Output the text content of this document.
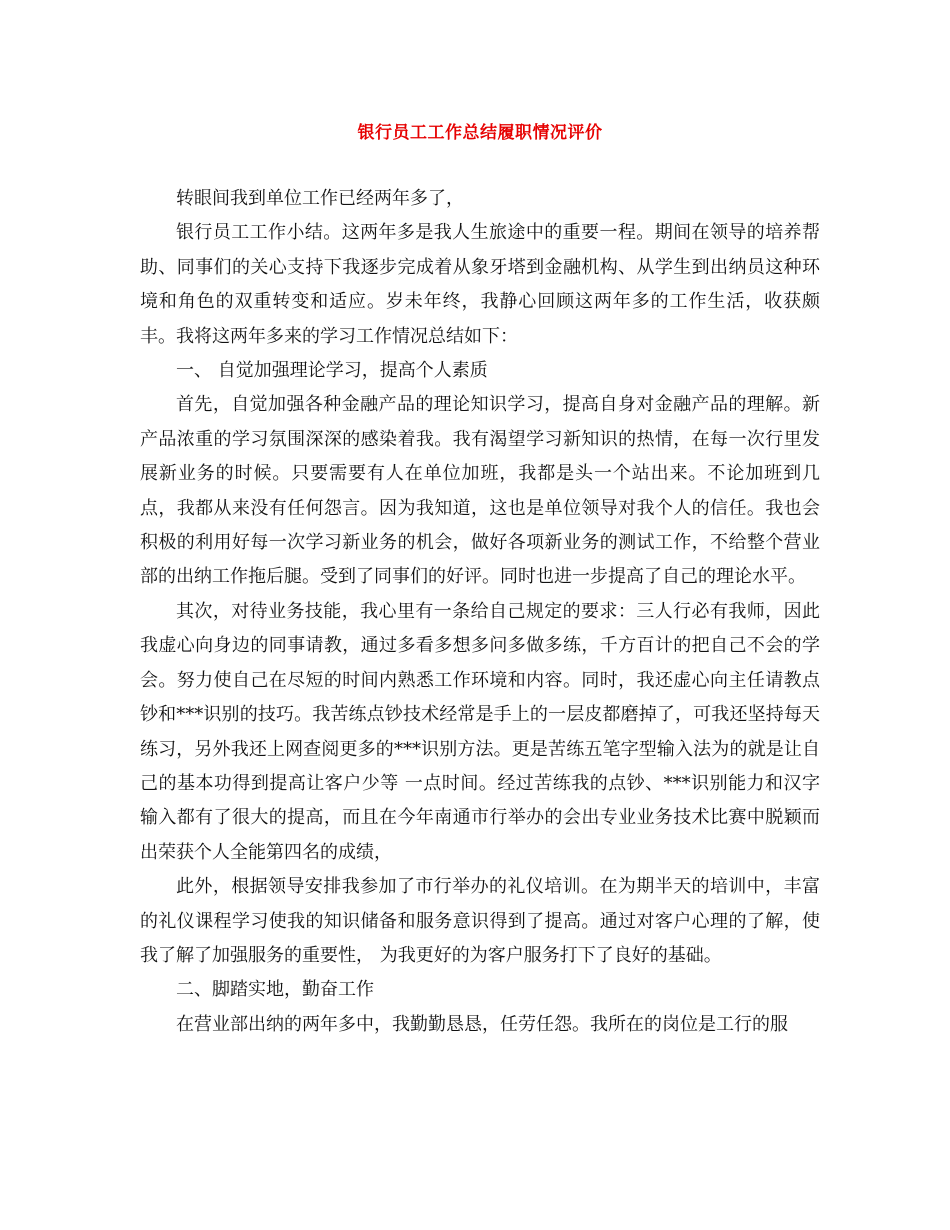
银行员工工作总结履职情况评价

转眼间我到单位工作已经两年多了，

银行员工工作小结。这两年多是我人生旅途中的重要一程。期间在领导的培养帮助、同事们的关心支持下我逐步完成着从象牙塔到金融机构、从学生到出纳员这种环境和角色的双重转变和适应。岁未年终，我静心回顾这两年多的工作生活，收获颇丰。我将这两年多来的学习工作情况总结如下：

一、 自觉加强理论学习，提高个人素质

首先，自觉加强各种金融产品的理论知识学习，提高自身对金融产品的理解。新产品浓重的学习氛围深深的感染着我。我有渴望学习新知识的热情，在每一次行里发展新业务的时候。只要需要有人在单位加班，我都是头一个站出来。不论加班到几点，我都从来没有任何怨言。因为我知道，这也是单位领导对我个人的信任。我也会积极的利用好每一次学习新业务的机会，做好各项新业务的测试工作，不给整个营业部的出纳工作拖后腿。受到了同事们的好评。同时也进一步提高了自己的理论水平。

其次，对待业务技能，我心里有一条给自己规定的要求：三人行必有我师，因此我虚心向身边的同事请教，通过多看多想多问多做多练，千方百计的把自己不会的学会。努力使自己在尽短的时间内熟悉工作环境和内容。同时，我还虚心向主任请教点钞和***识别的技巧。我苦练点钞技术经常是手上的一层皮都磨掉了，可我还坚持每天练习，另外我还上网查阅更多的***识别方法。更是苦练五笔字型输入法为的就是让自己的基本功得到提高让客户少等 一点时间。经过苦练我的点钞、***识别能力和汉字输入都有了很大的提高，而且在今年南通市行举办的会出专业业务技术比赛中脱颖而出荣获个人全能第四名的成绩，

此外，根据领导安排我参加了市行举办的礼仪培训。在为期半天的培训中，丰富的礼仪课程学习使我的知识储备和服务意识得到了提高。通过对客户心理的了解，使我了解了加强服务的重要性， 为我更好的为客户服务打下了良好的基础。

二、脚踏实地，勤奋工作

在营业部出纳的两年多中，我勤勤恳恳，任劳任怨。我所在的岗位是工行的服
